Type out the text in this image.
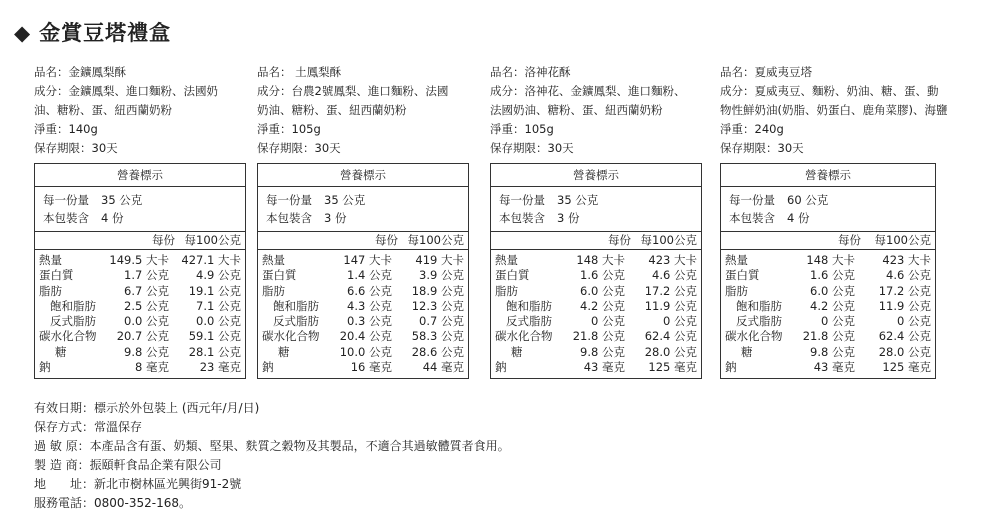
◆ 金賞豆塔禮盒
品名：金鑛鳳梨酥
成分：金鑛鳳梨、進口麵粉、法國奶
油、糖粉、蛋、紐西蘭奶粉
淨重：140g
保存期限：30天
營養標示
每一份量 35 公克
本包裝含 4 份
每份 每100公克
熱量	149.5 大卡 427.1 大卡
蛋白質	1.7 公克 4.9 公克
脂肪	6.7 公克 19.1 公克
飽和脂肪 2.5 公克 7.1 公克
反式脂肪 0.0 公克 0.0 公克
碳水化合物 20.7 公克 59.1 公克
糖	9.8 公克 28.1 公克
鈉	8 毫克	23 毫克
品名： 土鳳梨酥
成分：台農2號鳳梨、進口麵粉、法國
奶油、糖粉、蛋、紐西蘭奶粉
淨重：105g
保存期限：30天
營養標示
每一份量 35 公克
本包裝含 3 份
每份 每100公克
熱量	147 大卡 419 大卡
蛋白質	1.4 公克 3.9 公克
脂肪	6.6 公克 18.9 公克
飽和脂肪 4.3 公克 12.3 公克
反式脂肪 0.3 公克 0.7 公克
碳水化合物 20.4 公克 58.3 公克
糖	10.0 公克 28.6 公克
鈉	16 毫克	44 毫克
品名：洛神花酥
成分：洛神花、金鑛鳳梨、進口麵粉、
法國奶油、糖粉、蛋、紐西蘭奶粉
淨重：105g
保存期限：30天
營養標示
每一份量 35 公克
本包裝含 3 份
每份 每100公克
熱量	148 大卡 423 大卡
蛋白質	1.6 公克 4.6 公克
脂肪	6.0 公克 17.2 公克
飽和脂肪 4.2 公克 11.9 公克
反式脂肪	0 公克	0 公克
碳水化合物 21.8 公克 62.4 公克
糖	9.8 公克 28.0 公克
鈉	43 毫克 125 毫克
品名：夏威夷豆塔
成分：夏威夷豆、麵粉、奶油、糖、蛋、動
物性鮮奶油(奶脂、奶蛋白、鹿角菜膠)、海鹽
淨重：240g
保存期限：30天
營養標示
每一份量 60 公克
本包裝含 4 份
每份 每100公克
熱量	148 大卡 423 大卡
蛋白質	1.6 公克	4.6 公克
脂肪	6.0 公克 17.2 公克
飽和脂肪 4.2 公克 11.9 公克
反式脂肪	0 公克	0 公克
碳水化合物 21.8 公克 62.4 公克
糖	9.8 公克 28.0 公克
鈉	43 毫克 125 毫克
有效日期：標示於外包裝上 (西元年/月/日)
保存方式：常溫保存
過 敏 原：本產品含有蛋、奶類、堅果、麩質之穀物及其製品，不適合其過敏體質者食用。
製 造 商：振頤軒食品企業有限公司
地　　址：新北市樹林區光興街91-2號
服務電話：0800-352-168。
